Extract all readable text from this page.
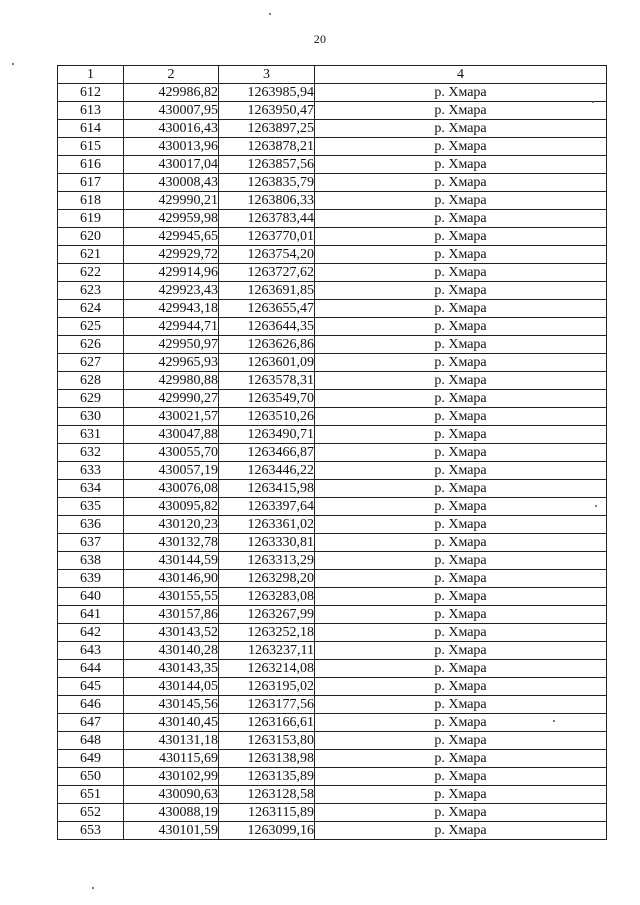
20
1	2	3	4
612	429986,82	1263985,94	р. Хмара
613	430007,95	1263950,47	р. Хмара
614	430016,43	1263897,25	р. Хмара
615	430013,96	1263878,21	р. Хмара
616	430017,04	1263857,56	р. Хмара
617	430008,43	1263835,79	р. Хмара
618	429990,21	1263806,33	р. Хмара
619	429959,98	1263783,44	р. Хмара
620	429945,65	1263770,01	р. Хмара
621	429929,72	1263754,20	р. Хмара
622	429914,96	1263727,62	р. Хмара
623	429923,43	1263691,85	р. Хмара
624	429943,18	1263655,47	р. Хмара
625	429944,71	1263644,35	р. Хмара
626	429950,97	1263626,86	р. Хмара
627	429965,93	1263601,09	р. Хмара
628	429980,88	1263578,31	р. Хмара
629	429990,27	1263549,70	р. Хмара
630	430021,57	1263510,26	р. Хмара
631	430047,88	1263490,71	р. Хмара
632	430055,70	1263466,87	р. Хмара
633	430057,19	1263446,22	р. Хмара
634	430076,08	1263415,98	р. Хмара
635	430095,82	1263397,64	р. Хмара
636	430120,23	1263361,02	р. Хмара
637	430132,78	1263330,81	р. Хмара
638	430144,59	1263313,29	р. Хмара
639	430146,90	1263298,20	р. Хмара
640	430155,55	1263283,08	р. Хмара
641	430157,86	1263267,99	р. Хмара
642	430143,52	1263252,18	р. Хмара
643	430140,28	1263237,11	р. Хмара
644	430143,35	1263214,08	р. Хмара
645	430144,05	1263195,02	р. Хмара
646	430145,56	1263177,56	р. Хмара
647	430140,45	1263166,61	р. Хмара
648	430131,18	1263153,80	р. Хмара
649	430115,69	1263138,98	р. Хмара
650	430102,99	1263135,89	р. Хмара
651	430090,63	1263128,58	р. Хмара
652	430088,19	1263115,89	р. Хмара
653	430101,59	1263099,16	р. Хмара
